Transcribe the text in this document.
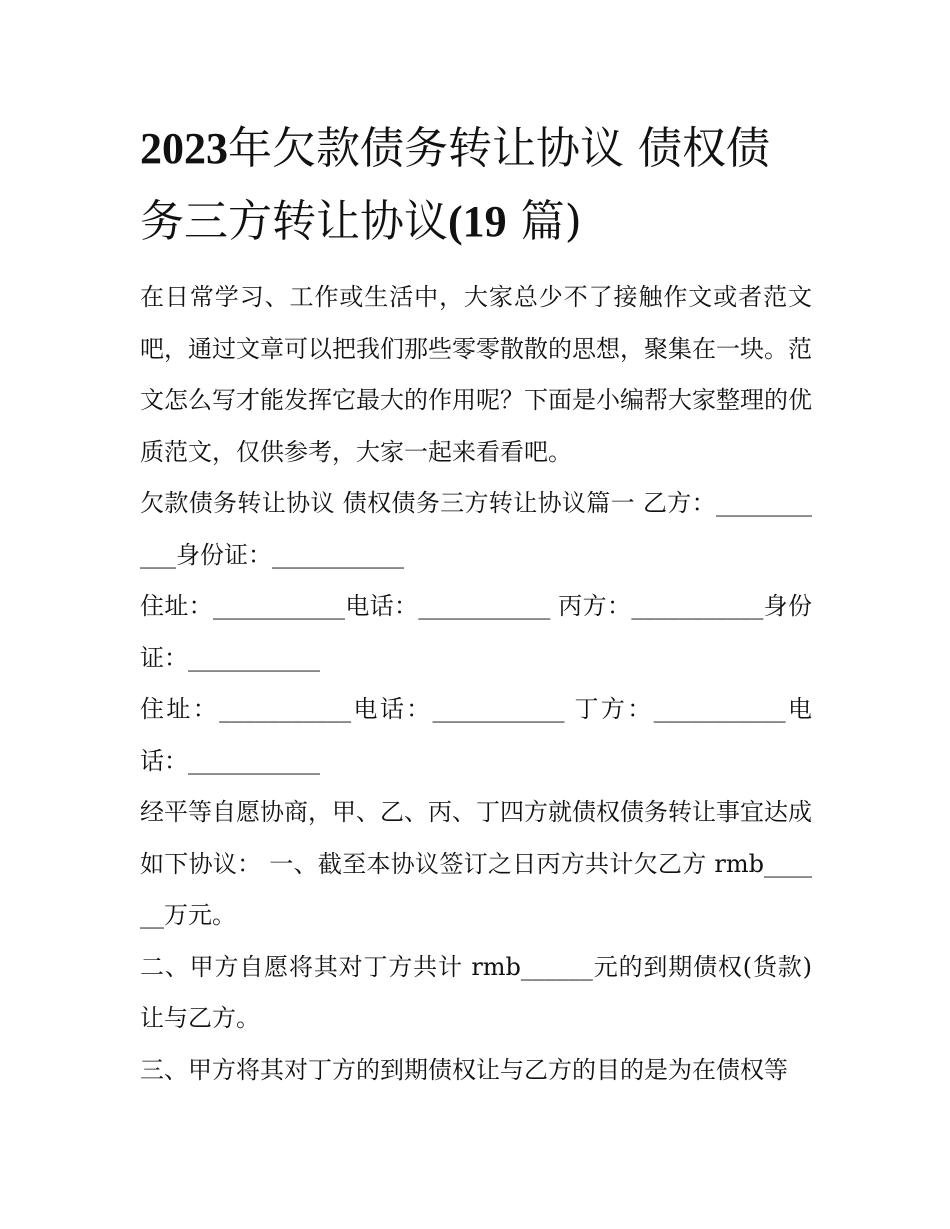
2023年欠款债务转让协议 债权债务三方转让协议(19 篇)

在日常学习、工作或生活中，大家总少不了接触作文或者范文吧，通过文章可以把我们那些零零散散的思想，聚集在一块。范文怎么写才能发挥它最大的作用呢？下面是小编帮大家整理的优质范文，仅供参考，大家一起来看看吧。

欠款债务转让协议 债权债务三方转让协议篇一 乙方：___________身份证：___________

住址：___________电话：___________ 丙方：___________身份证：___________

住址：___________电话：___________ 丁方：___________电话：___________

经平等自愿协商，甲、乙、丙、丁四方就债权债务转让事宜达成如下协议： 一、截至本协议签订之日丙方共计欠乙方 rmb______万元。

二、甲方自愿将其对丁方共计 rmb______元的到期债权(货款)让与乙方。

三、甲方将其对丁方的到期债权让与乙方的目的是为在债权等
